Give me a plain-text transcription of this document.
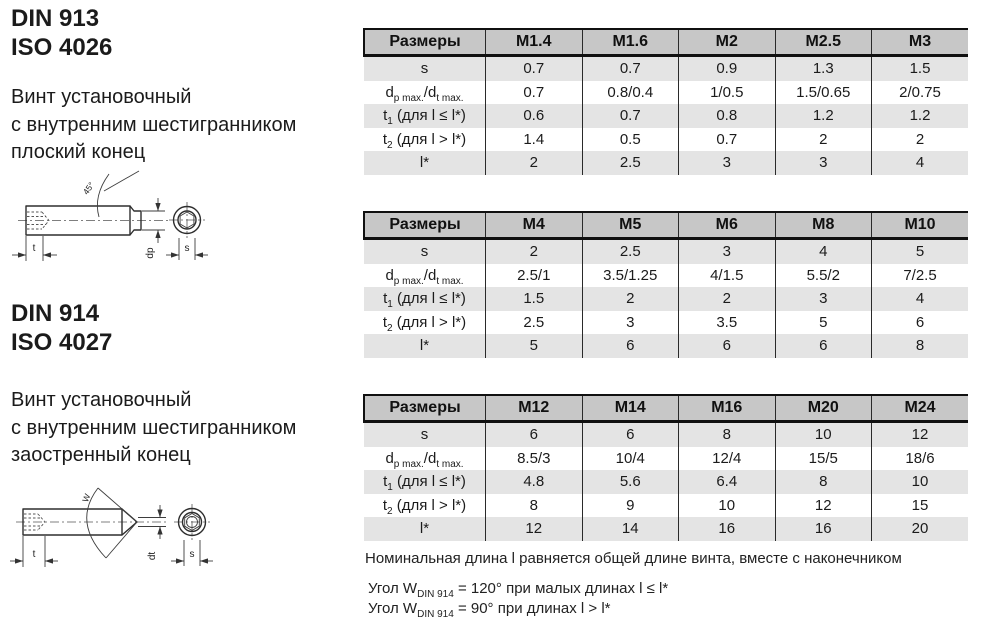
DIN 913
ISO 4026
Винт установочный
с внутренним шестигранником
плоский конец
45°
dp
t	s
DIN 914
ISO 4027
Винт установочный
с внутренним шестигранником
заостренный конец
W
dt
t	s
Размеры	M1.4	M1.6	M2	M2.5	M3
s	0.7	0.7	0.9	1.3	1.5
$d_{p max.}/d_{t max.}$	0.7	0.8/0.4	1/0.5	1.5/0.65	2/0.75
$t_1$ (для l ≤ l*)	0.6	0.7	0.8	1.2	1.2
$t_2$ (для l > l*)	1.4	0.5	0.7	2	2
l*	2	2.5	3	3	4
Размеры	M4	M5	M6	M8	M10
s	2	2.5	3	4	5
$d_{p max.}/d_{t max.}$	2.5/1	3.5/1.25	4/1.5	5.5/2	7/2.5
$t_1$ (для l ≤ l*)	1.5	2	2	3	4
$t_2$ (для l > l*)	2.5	3	3.5	5	6
l*	5	6	6	6	8
Размеры	M12	M14	M16	M20	M24
s	6	6	8	10	12
$d_{p max.}/d_{t max.}$	8.5/3	10/4	12/4	15/5	18/6
$t_1$ (для l ≤ l*)	4.8	5.6	6.4	8	10
$t_2$ (для l > l*)	8	9	10	12	15
l*	12	14	16	16	20
Номинальная длина l равняется общей длине винта, вместе с наконечником
Угол $W_{DIN 914} = 120^\circ$ при малых длинах l ≤ l*
Угол $W_{DIN 914} = 90^\circ$ при длинах l > l*
